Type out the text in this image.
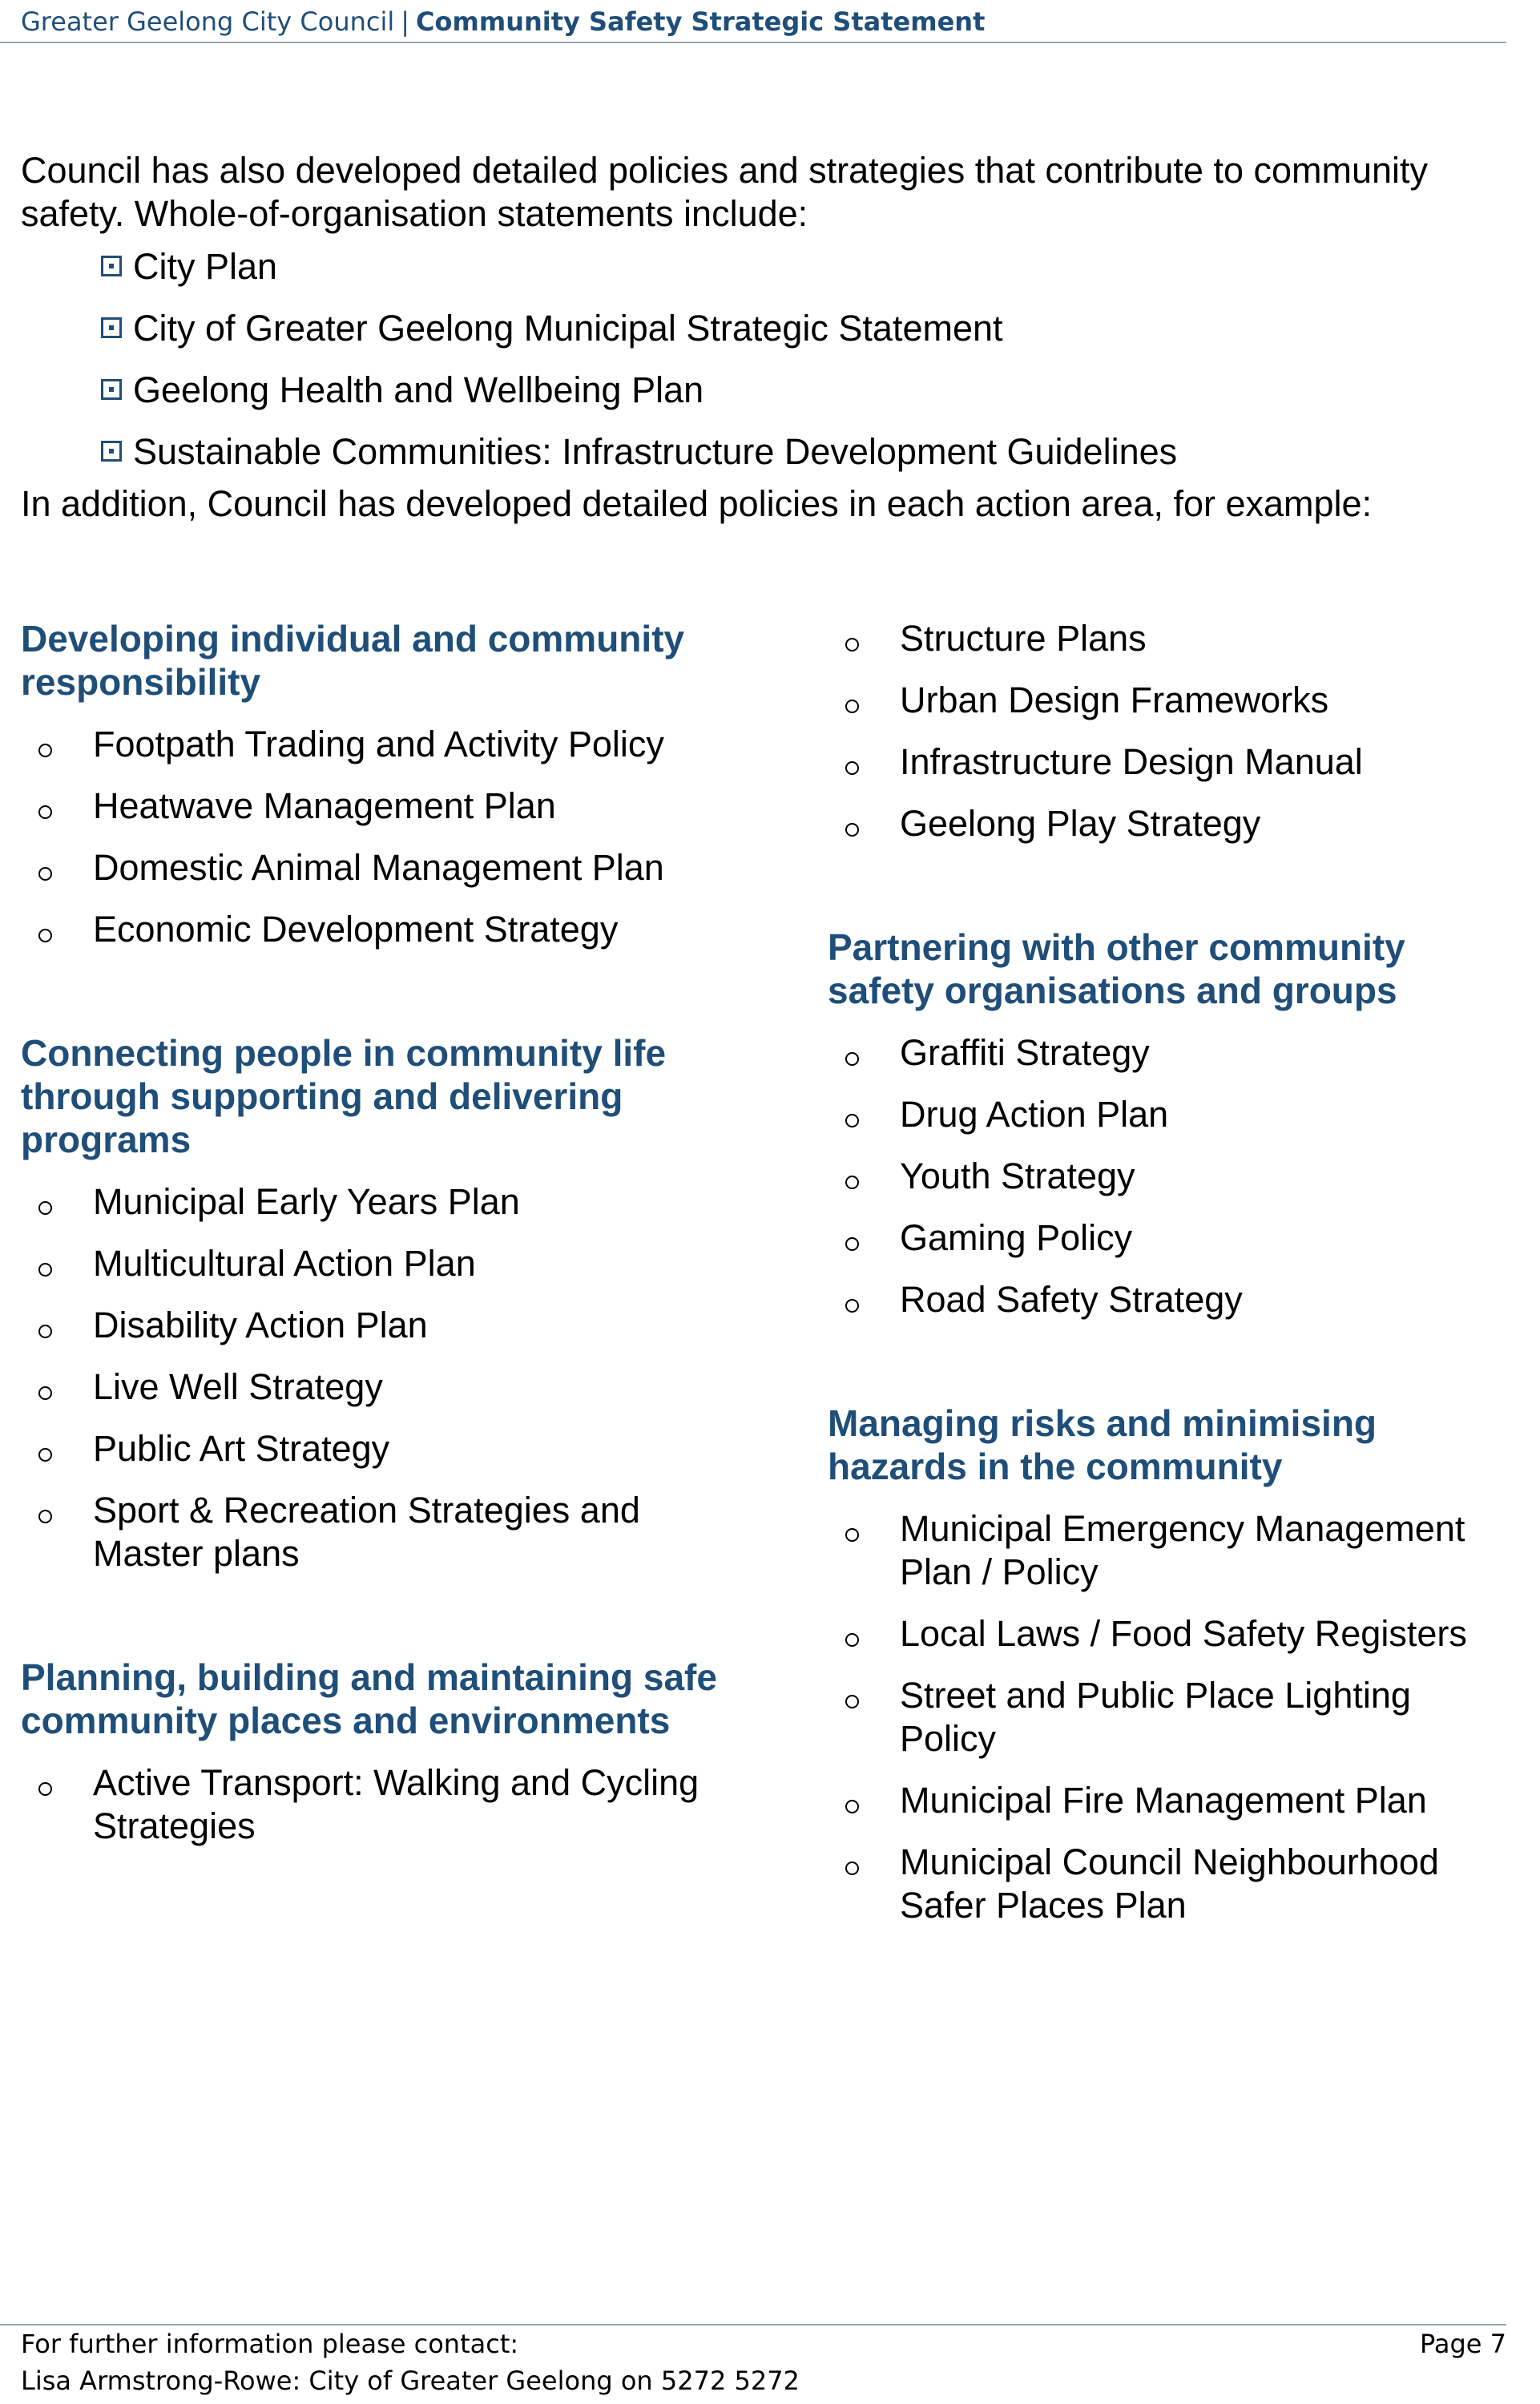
Greater Geelong City Council | Community Safety Strategic Statement

Council has also developed detailed policies and strategies that contribute to community safety. Whole-of-organisation statements include:

City Plan
City of Greater Geelong Municipal Strategic Statement
Geelong Health and Wellbeing Plan
Sustainable Communities: Infrastructure Development Guidelines

In addition, Council has developed detailed policies in each action area, for example:

Developing individual and community responsibility
Footpath Trading and Activity Policy
Heatwave Management Plan
Domestic Animal Management Plan
Economic Development Strategy
Connecting people in community life through supporting and delivering programs
Municipal Early Years Plan
Multicultural Action Plan
Disability Action Plan
Live Well Strategy
Public Art Strategy
Sport & Recreation Strategies and Master plans
Planning, building and maintaining safe community places and environments
Active Transport: Walking and Cycling Strategies
Structure Plans
Urban Design Frameworks
Infrastructure Design Manual
Geelong Play Strategy
Partnering with other community safety organisations and groups
Graffiti Strategy
Drug Action Plan
Youth Strategy
Gaming Policy
Road Safety Strategy
Managing risks and minimising hazards in the community
Municipal Emergency Management Plan / Policy
Local Laws / Food Safety Registers
Street and Public Place Lighting Policy
Municipal Fire Management Plan
Municipal Council Neighbourhood Safer Places Plan
For further information please contact:
Lisa Armstrong-Rowe: City of Greater Geelong on 5272 5272
Page 7
